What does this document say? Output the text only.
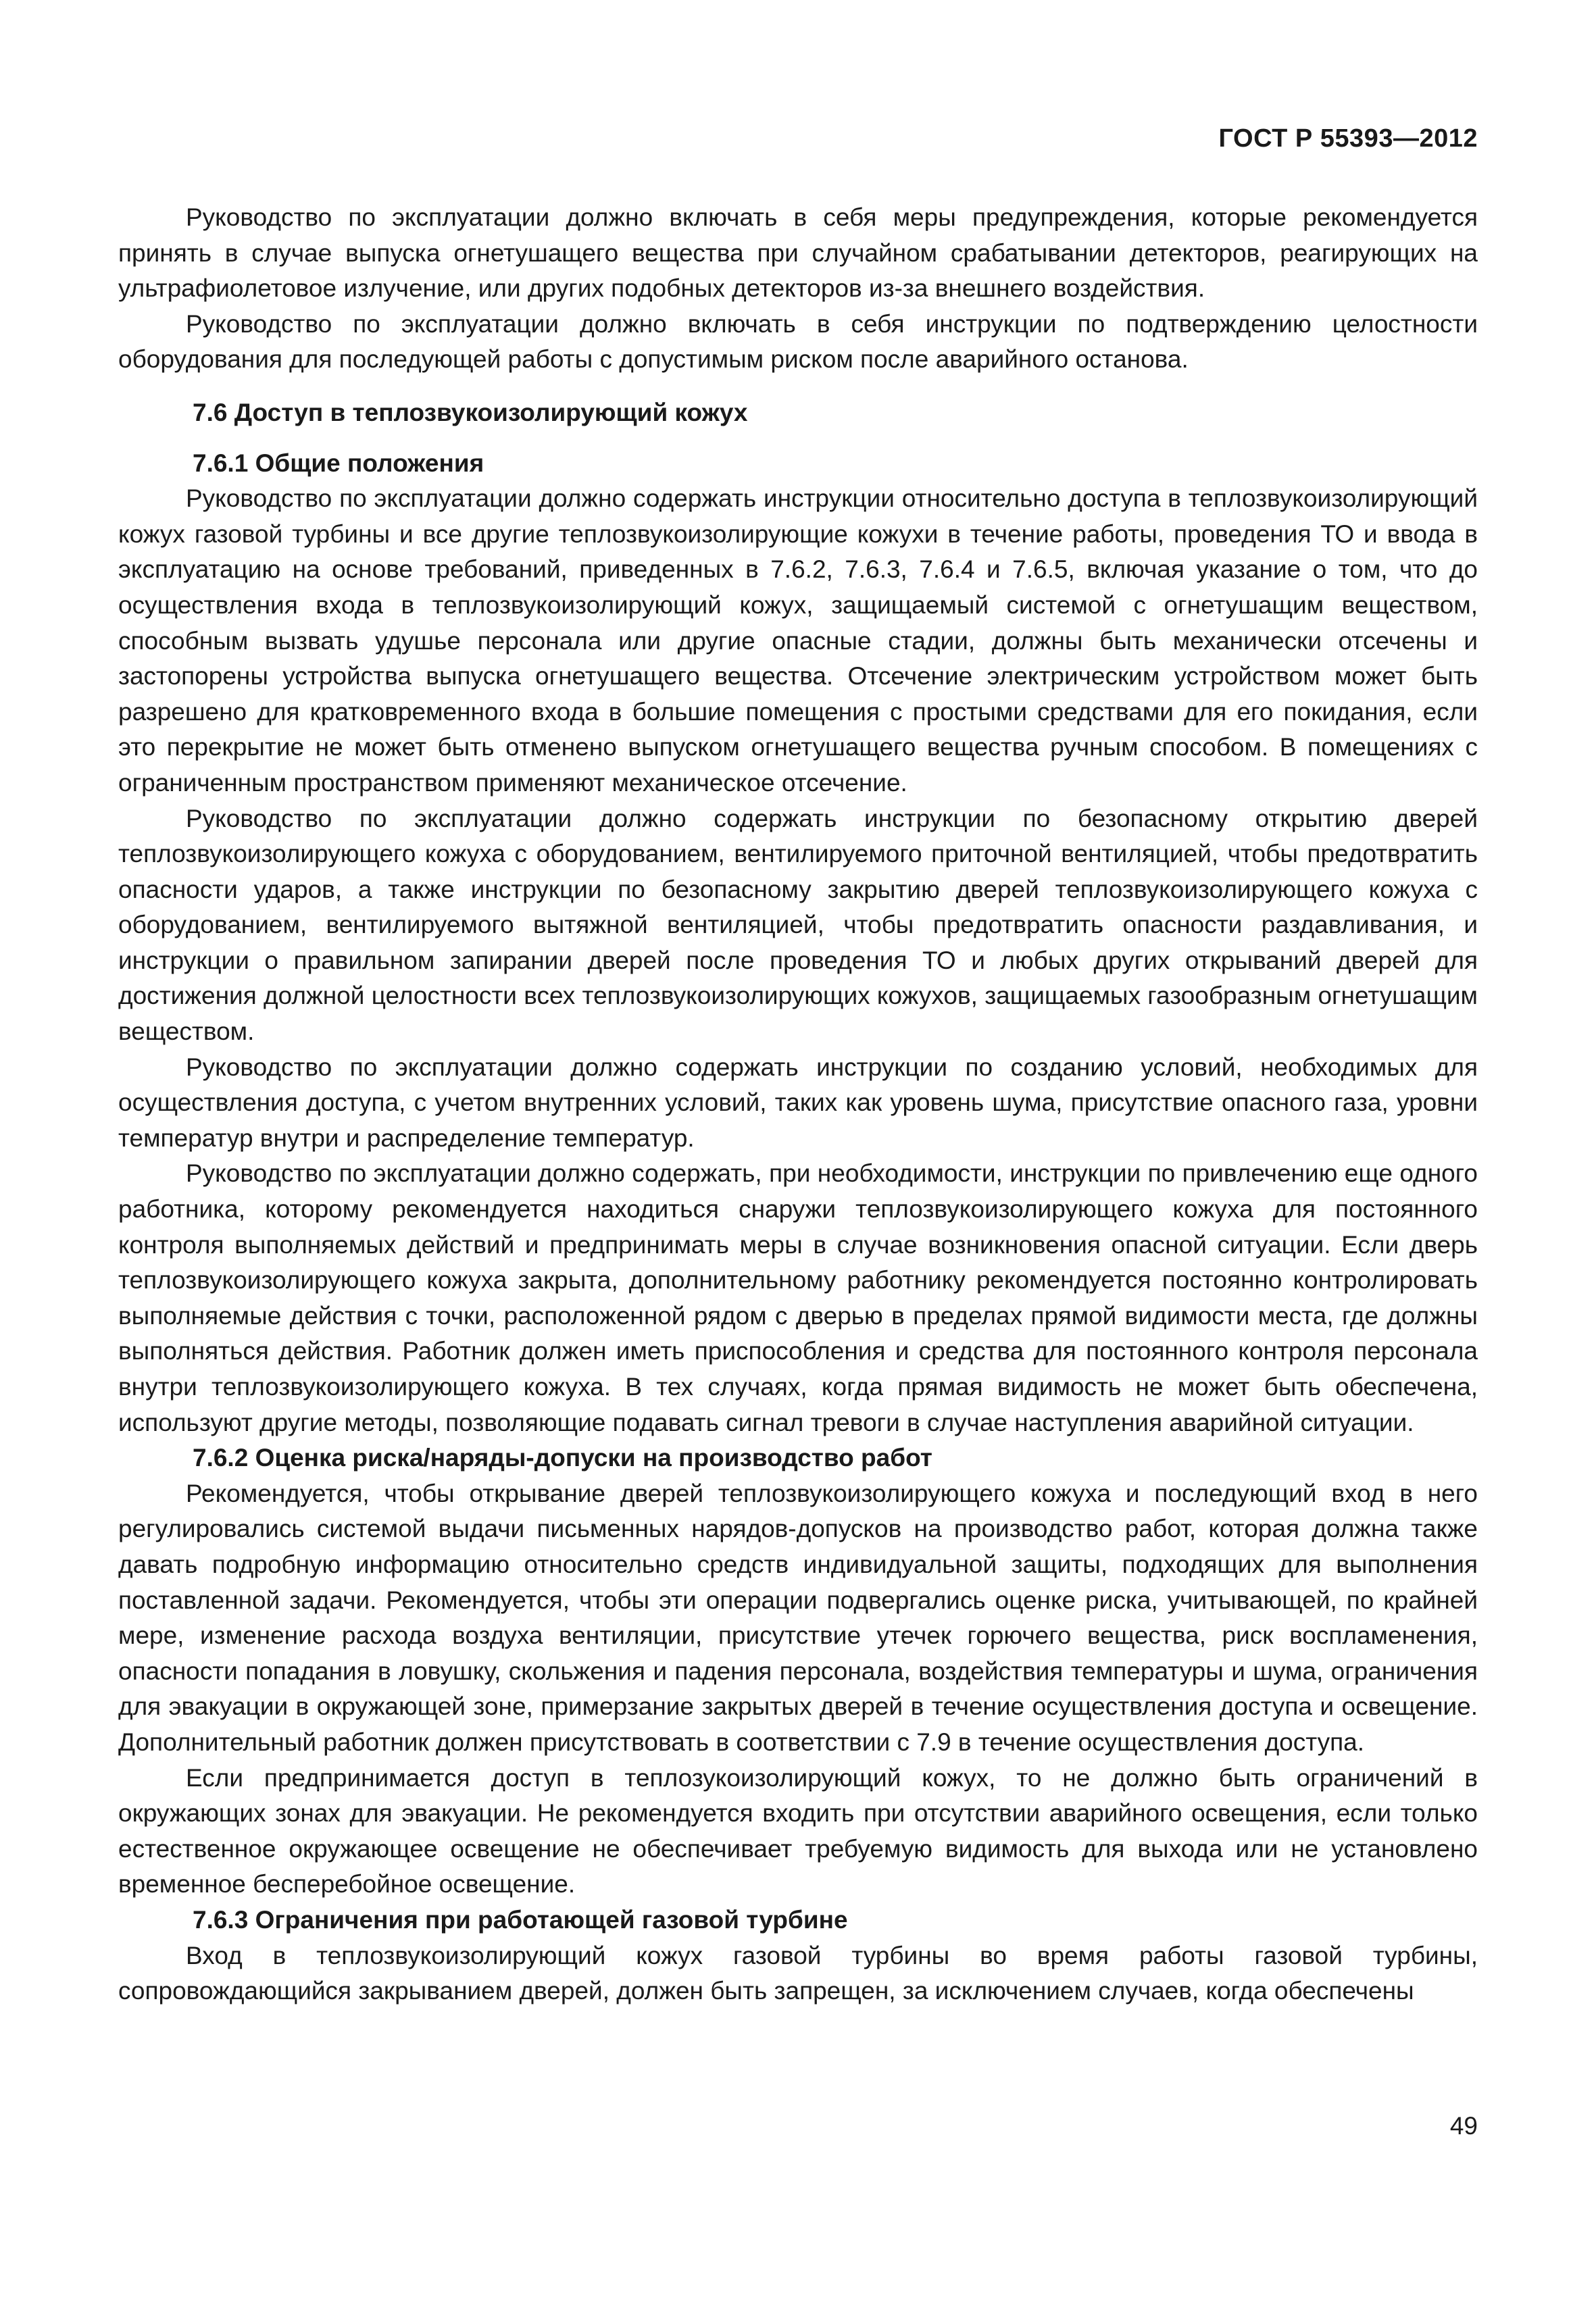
ГОСТ Р 55393—2012

Руководство по эксплуатации должно включать в себя меры предупреждения, которые рекомендуется принять в случае выпуска огнетушащего вещества при случайном срабатывании детекторов, реагирующих на ультрафиолетовое излучение, или других подобных детекторов из-за внешнего воздействия.

Руководство по эксплуатации должно включать в себя инструкции по подтверждению целостности оборудования для последующей работы с допустимым риском после аварийного останова.

7.6 Доступ в теплозвукоизолирующий кожух
7.6.1 Общие положения

Руководство по эксплуатации должно содержать инструкции относительно доступа в теплозвукоизолирующий кожух газовой турбины и все другие теплозвукоизолирующие кожухи в течение работы, проведения ТО и ввода в эксплуатацию на основе требований, приведенных в 7.6.2, 7.6.3, 7.6.4 и 7.6.5, включая указание о том, что до осуществления входа в теплозвукоизолирующий кожух, защищаемый системой с огнетушащим веществом, способным вызвать удушье персонала или другие опасные стадии, должны быть механически отсечены и застопорены устройства выпуска огнетушащего вещества. Отсечение электрическим устройством может быть разрешено для кратковременного входа в большие помещения с простыми средствами для его покидания, если это перекрытие не может быть отменено выпуском огнетушащего вещества ручным способом. В помещениях с ограниченным пространством применяют механическое отсечение.

Руководство по эксплуатации должно содержать инструкции по безопасному открытию дверей теплозвукоизолирующего кожуха с оборудованием, вентилируемого приточной вентиляцией, чтобы предотвратить опасности ударов, а также инструкции по безопасному закрытию дверей теплозвукоизолирующего кожуха с оборудованием, вентилируемого вытяжной вентиляцией, чтобы предотвратить опасности раздавливания, и инструкции о правильном запирании дверей после проведения ТО и любых других открываний дверей для достижения должной целостности всех теплозвукоизолирующих кожухов, защищаемых газообразным огнетушащим веществом.

Руководство по эксплуатации должно содержать инструкции по созданию условий, необходимых для осуществления доступа, с учетом внутренних условий, таких как уровень шума, присутствие опасного газа, уровни температур внутри и распределение температур.

Руководство по эксплуатации должно содержать, при необходимости, инструкции по привлечению еще одного работника, которому рекомендуется находиться снаружи теплозвукоизолирующего кожуха для постоянного контроля выполняемых действий и предпринимать меры в случае возникновения опасной ситуации. Если дверь теплозвукоизолирующего кожуха закрыта, дополнительному работнику рекомендуется постоянно контролировать выполняемые действия с точки, расположенной рядом с дверью в пределах прямой видимости места, где должны выполняться действия. Работник должен иметь приспособления и средства для постоянного контроля персонала внутри теплозвукоизолирующего кожуха. В тех случаях, когда прямая видимость не может быть обеспечена, используют другие методы, позволяющие подавать сигнал тревоги в случае наступления аварийной ситуации.

7.6.2 Оценка риска/наряды-допуски на производство работ

Рекомендуется, чтобы открывание дверей теплозвукоизолирующего кожуха и последующий вход в него регулировались системой выдачи письменных нарядов-допусков на производство работ, которая должна также давать подробную информацию относительно средств индивидуальной защиты, подходящих для выполнения поставленной задачи. Рекомендуется, чтобы эти операции подвергались оценке риска, учитывающей, по крайней мере, изменение расхода воздуха вентиляции, присутствие утечек горючего вещества, риск воспламенения, опасности попадания в ловушку, скольжения и падения персонала, воздействия температуры и шума, ограничения для эвакуации в окружающей зоне, примерзание закрытых дверей в течение осуществления доступа и освещение. Дополнительный работник должен присутствовать в соответствии с 7.9 в течение осуществления доступа.

Если предпринимается доступ в теплозукоизолирующий кожух, то не должно быть ограничений в окружающих зонах для эвакуации. Не рекомендуется входить при отсутствии аварийного освещения, если только естественное окружающее освещение не обеспечивает требуемую видимость для выхода или не установлено временное бесперебойное освещение.

7.6.3 Ограничения при работающей газовой турбине

Вход в теплозвукоизолирующий кожух газовой турбины во время работы газовой турбины, сопровождающийся закрыванием дверей, должен быть запрещен, за исключением случаев, когда обеспечены

49
